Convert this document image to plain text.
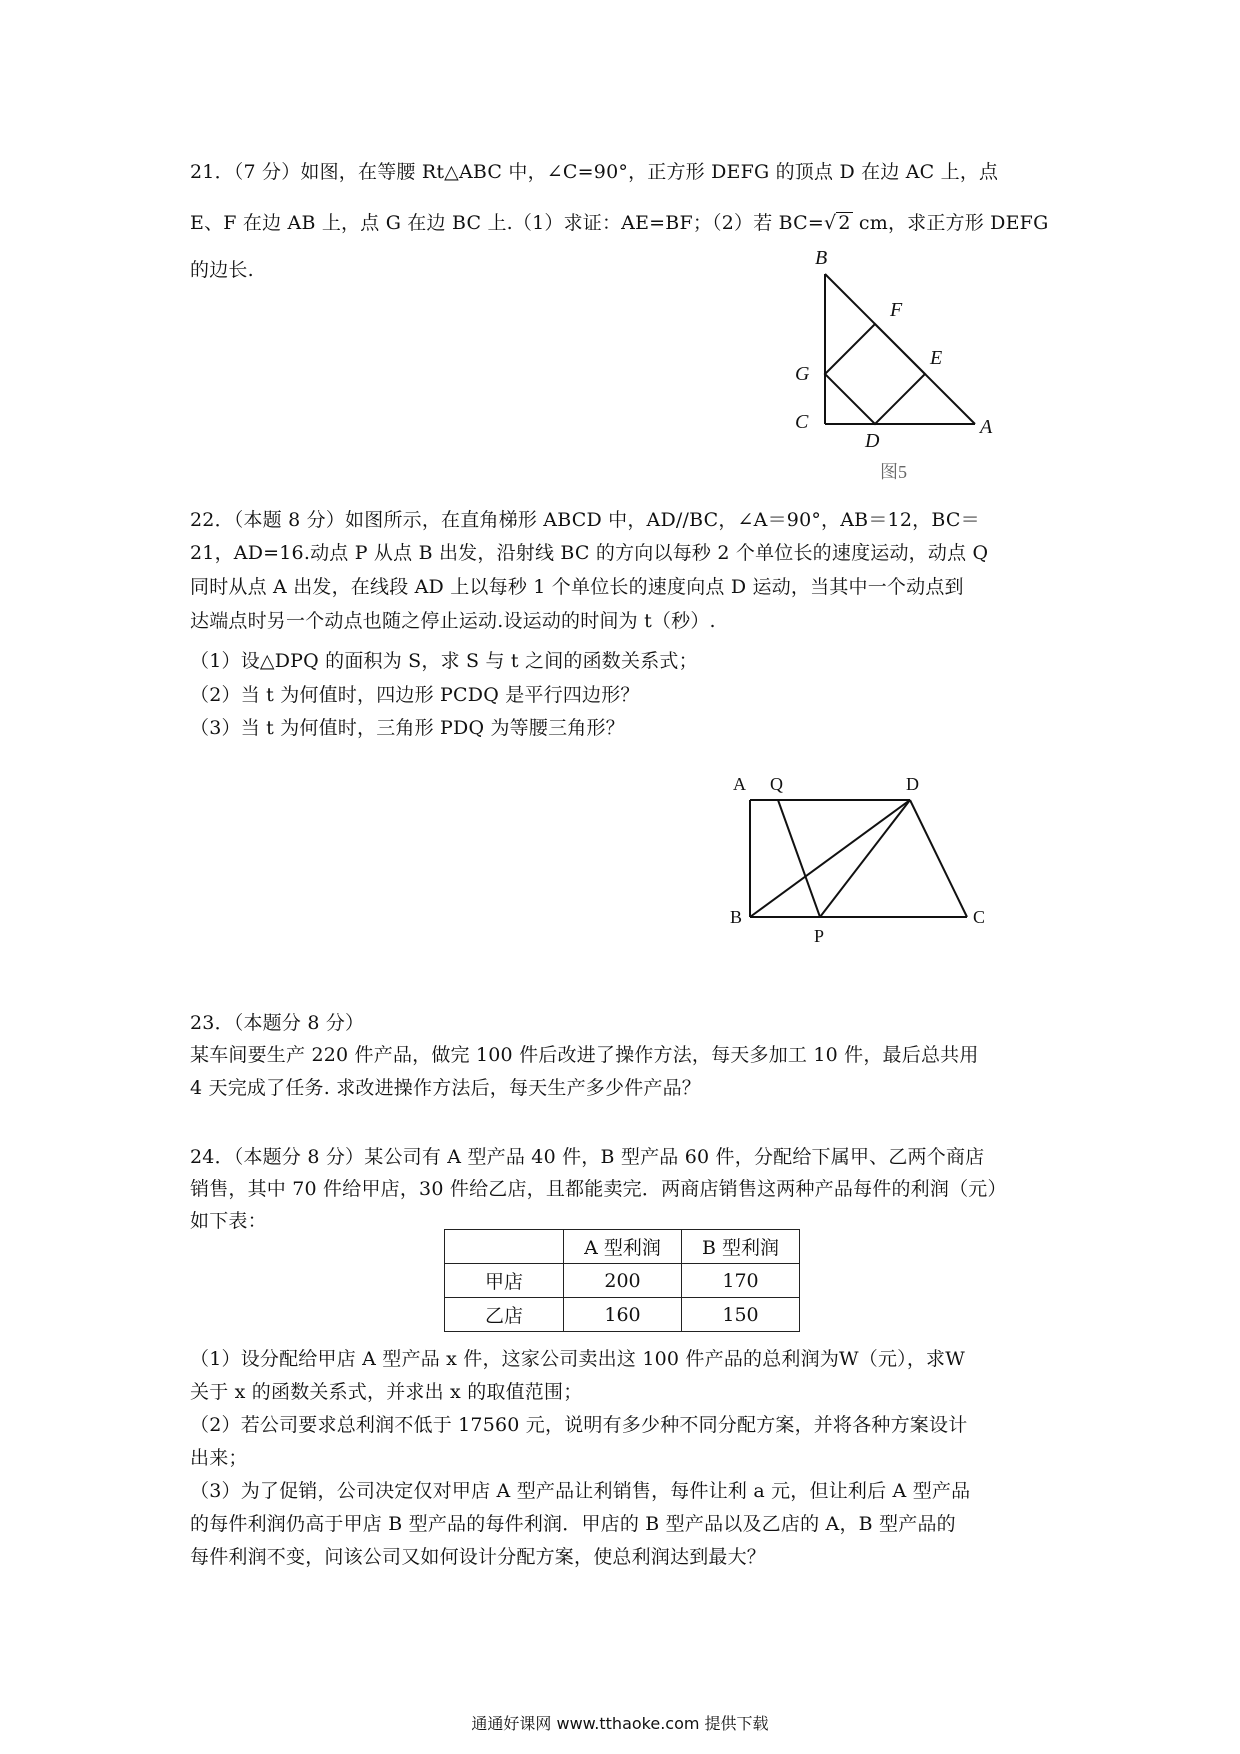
21．（7 分）如图，在等腰 Rt△ABC 中，∠C=90°，正方形 DEFG 的顶点 D 在边 AC 上，点
E、F 在边 AB 上，点 G 在边 BC 上.（1）求证：AE=BF；（2）若 BC=√ 2 cm，求正方形 DEFG
的边长.
B
F
E
G
C
D
A
图5
22．（本题 8 分）如图所示，在直角梯形 ABCD 中，AD//BC，∠A＝90°，AB＝12，BC＝
21，AD=16.动点 P 从点 B 出发，沿射线 BC 的方向以每秒 2 个单位长的速度运动，动点 Q
同时从点 A 出发，在线段 AD 上以每秒 1 个单位长的速度向点 D 运动，当其中一个动点到
达端点时另一个动点也随之停止运动.设运动的时间为 t（秒）.
（1）设△DPQ 的面积为 S，求 S 与 t 之间的函数关系式；
（2）当 t 为何值时，四边形 PCDQ 是平行四边形？
（3）当 t 为何值时，三角形 PDQ 为等腰三角形？
A Q	D
B
P
C
23．（本题分 8 分）
某车间要生产 220 件产品，做完 100 件后改进了操作方法，每天多加工 10 件，最后总共用
4 天完成了任务. 求改进操作方法后，每天生产多少件产品？
24．（本题分 8 分）某公司有 A 型产品 40 件，B 型产品 60 件，分配给下属甲、乙两个商店
销售，其中 70 件给甲店，30 件给乙店，且都能卖完．两商店销售这两种产品每件的利润（元）
如下表：
	A 型利润	B 型利润
甲店	200	170
乙店	160	150
（1）设分配给甲店 A 型产品 x 件，这家公司卖出这 100 件产品的总利润为W（元），求W
关于 x 的函数关系式，并求出 x 的取值范围；
（2）若公司要求总利润不低于 17560 元，说明有多少种不同分配方案，并将各种方案设计
出来；
（3）为了促销，公司决定仅对甲店 A 型产品让利销售，每件让利 a 元，但让利后 A 型产品
的每件利润仍高于甲店 B 型产品的每件利润．甲店的 B 型产品以及乙店的 A，B 型产品的
每件利润不变，问该公司又如何设计分配方案，使总利润达到最大？
通通好课网 www.tthaoke.com 提供下载
